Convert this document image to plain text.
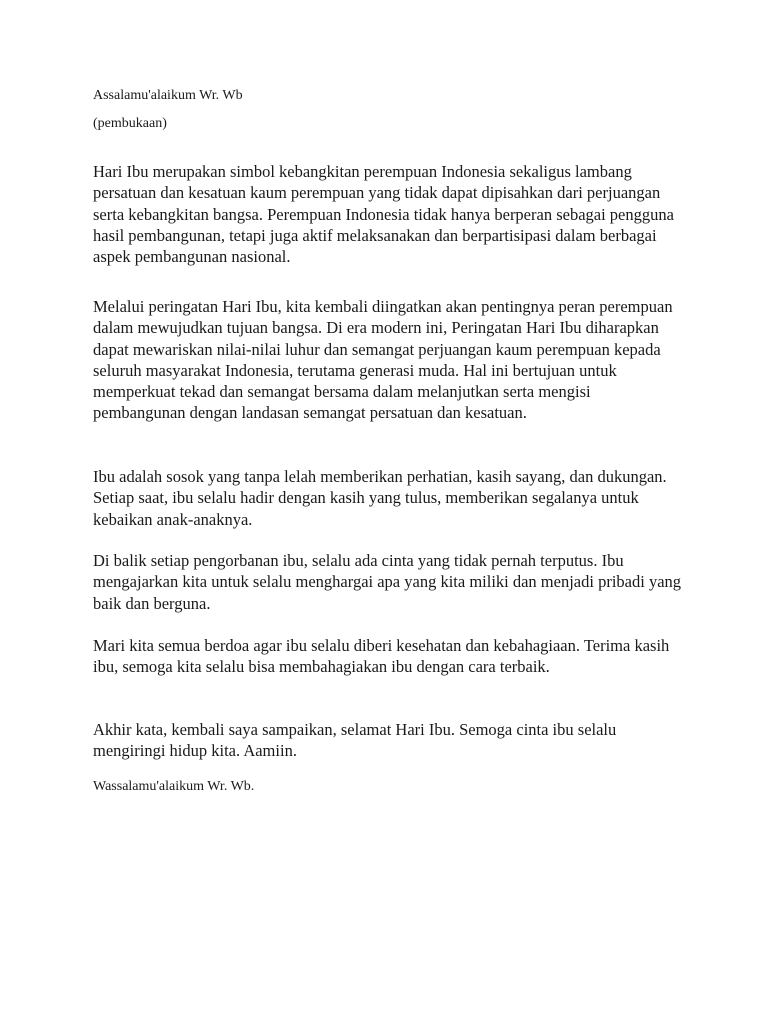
Assalamu'alaikum Wr. Wb

(pembukaan)

Hari Ibu merupakan simbol kebangkitan perempuan Indonesia sekaligus lambang persatuan dan kesatuan kaum perempuan yang tidak dapat dipisahkan dari perjuangan serta kebangkitan bangsa. Perempuan Indonesia tidak hanya berperan sebagai pengguna hasil pembangunan, tetapi juga aktif melaksanakan dan berpartisipasi dalam berbagai aspek pembangunan nasional.

Melalui peringatan Hari Ibu, kita kembali diingatkan akan pentingnya peran perempuan dalam mewujudkan tujuan bangsa. Di era modern ini, Peringatan Hari Ibu diharapkan dapat mewariskan nilai-nilai luhur dan semangat perjuangan kaum perempuan kepada seluruh masyarakat Indonesia, terutama generasi muda. Hal ini bertujuan untuk memperkuat tekad dan semangat bersama dalam melanjutkan serta mengisi pembangunan dengan landasan semangat persatuan dan kesatuan.

Ibu adalah sosok yang tanpa lelah memberikan perhatian, kasih sayang, dan dukungan. Setiap saat, ibu selalu hadir dengan kasih yang tulus, memberikan segalanya untuk kebaikan anak-anaknya.

Di balik setiap pengorbanan ibu, selalu ada cinta yang tidak pernah terputus. Ibu mengajarkan kita untuk selalu menghargai apa yang kita miliki dan menjadi pribadi yang baik dan berguna.

Mari kita semua berdoa agar ibu selalu diberi kesehatan dan kebahagiaan. Terima kasih ibu, semoga kita selalu bisa membahagiakan ibu dengan cara terbaik.

Akhir kata, kembali saya sampaikan, selamat Hari Ibu. Semoga cinta ibu selalu mengiringi hidup kita. Aamiin.

Wassalamu'alaikum Wr. Wb.
